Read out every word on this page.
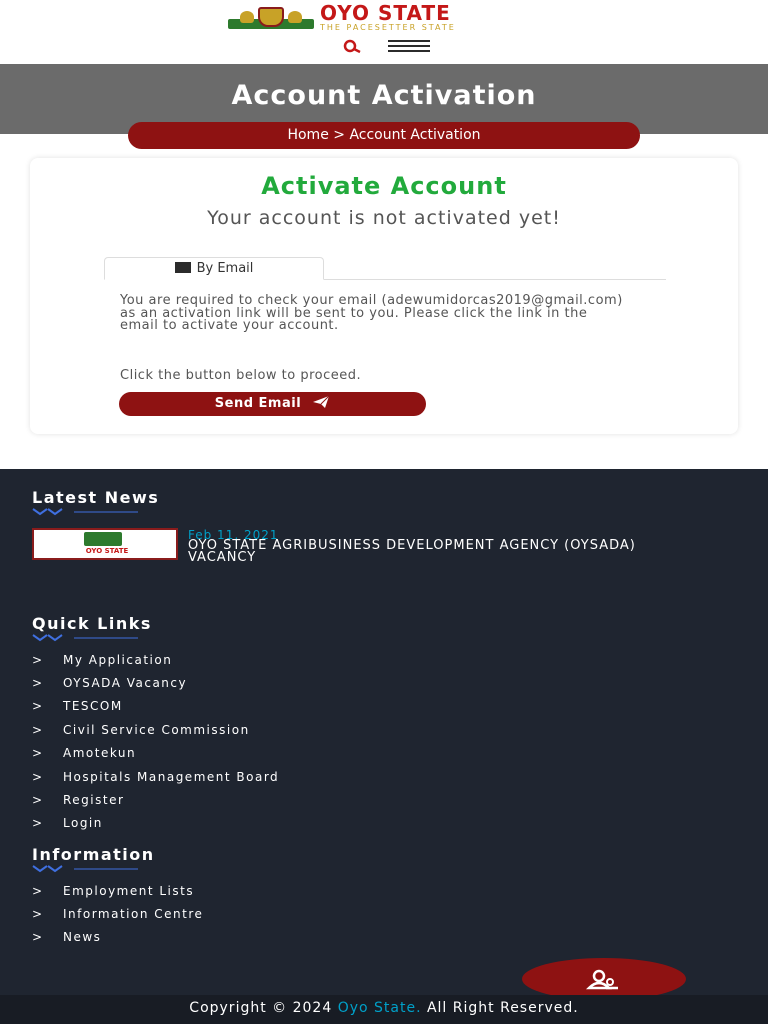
OYO STATE
THE PACESETTER STATE
Account Activation
Home > Account Activation
Activate Account
Your account is not activated yet!
By Email
You are required to check your email (adewumidorcas2019@gmail.com) as an activation link will be sent to you. Please click the link in the email to activate your account.
Click the button below to proceed.
Send Email
Latest News
OYO STATE
Feb 11, 2021
OYO STATE AGRIBUSINESS DEVELOPMENT AGENCY (OYSADA) VACANCY
Quick Links
> My Application
> OYSADA Vacancy
> TESCOM
> Civil Service Commission
> Amotekun
> Hospitals Management Board
> Register
> Login
Information
> Employment Lists
> Information Centre
> News
Copyright © 2024 Oyo State. All Right Reserved.
